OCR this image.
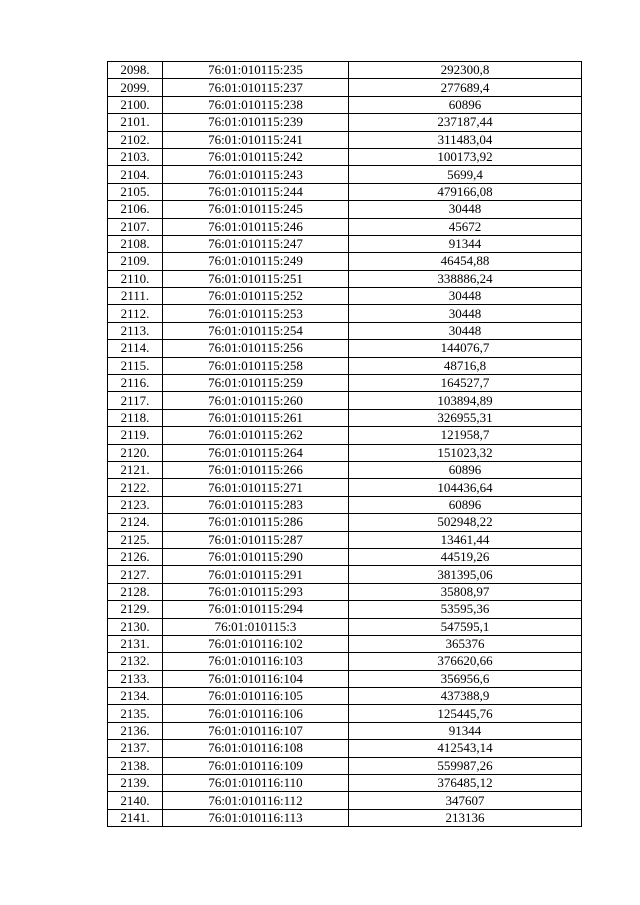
2098.	76:01:010115:235	292300,8
2099.	76:01:010115:237	277689,4
2100.	76:01:010115:238	60896
2101.	76:01:010115:239	237187,44
2102.	76:01:010115:241	311483,04
2103.	76:01:010115:242	100173,92
2104.	76:01:010115:243	5699,4
2105.	76:01:010115:244	479166,08
2106.	76:01:010115:245	30448
2107.	76:01:010115:246	45672
2108.	76:01:010115:247	91344
2109.	76:01:010115:249	46454,88
2110.	76:01:010115:251	338886,24
2111.	76:01:010115:252	30448
2112.	76:01:010115:253	30448
2113.	76:01:010115:254	30448
2114.	76:01:010115:256	144076,7
2115.	76:01:010115:258	48716,8
2116.	76:01:010115:259	164527,7
2117.	76:01:010115:260	103894,89
2118.	76:01:010115:261	326955,31
2119.	76:01:010115:262	121958,7
2120.	76:01:010115:264	151023,32
2121.	76:01:010115:266	60896
2122.	76:01:010115:271	104436,64
2123.	76:01:010115:283	60896
2124.	76:01:010115:286	502948,22
2125.	76:01:010115:287	13461,44
2126.	76:01:010115:290	44519,26
2127.	76:01:010115:291	381395,06
2128.	76:01:010115:293	35808,97
2129.	76:01:010115:294	53595,36
2130.	76:01:010115:3	547595,1
2131.	76:01:010116:102	365376
2132.	76:01:010116:103	376620,66
2133.	76:01:010116:104	356956,6
2134.	76:01:010116:105	437388,9
2135.	76:01:010116:106	125445,76
2136.	76:01:010116:107	91344
2137.	76:01:010116:108	412543,14
2138.	76:01:010116:109	559987,26
2139.	76:01:010116:110	376485,12
2140.	76:01:010116:112	347607
2141.	76:01:010116:113	213136
